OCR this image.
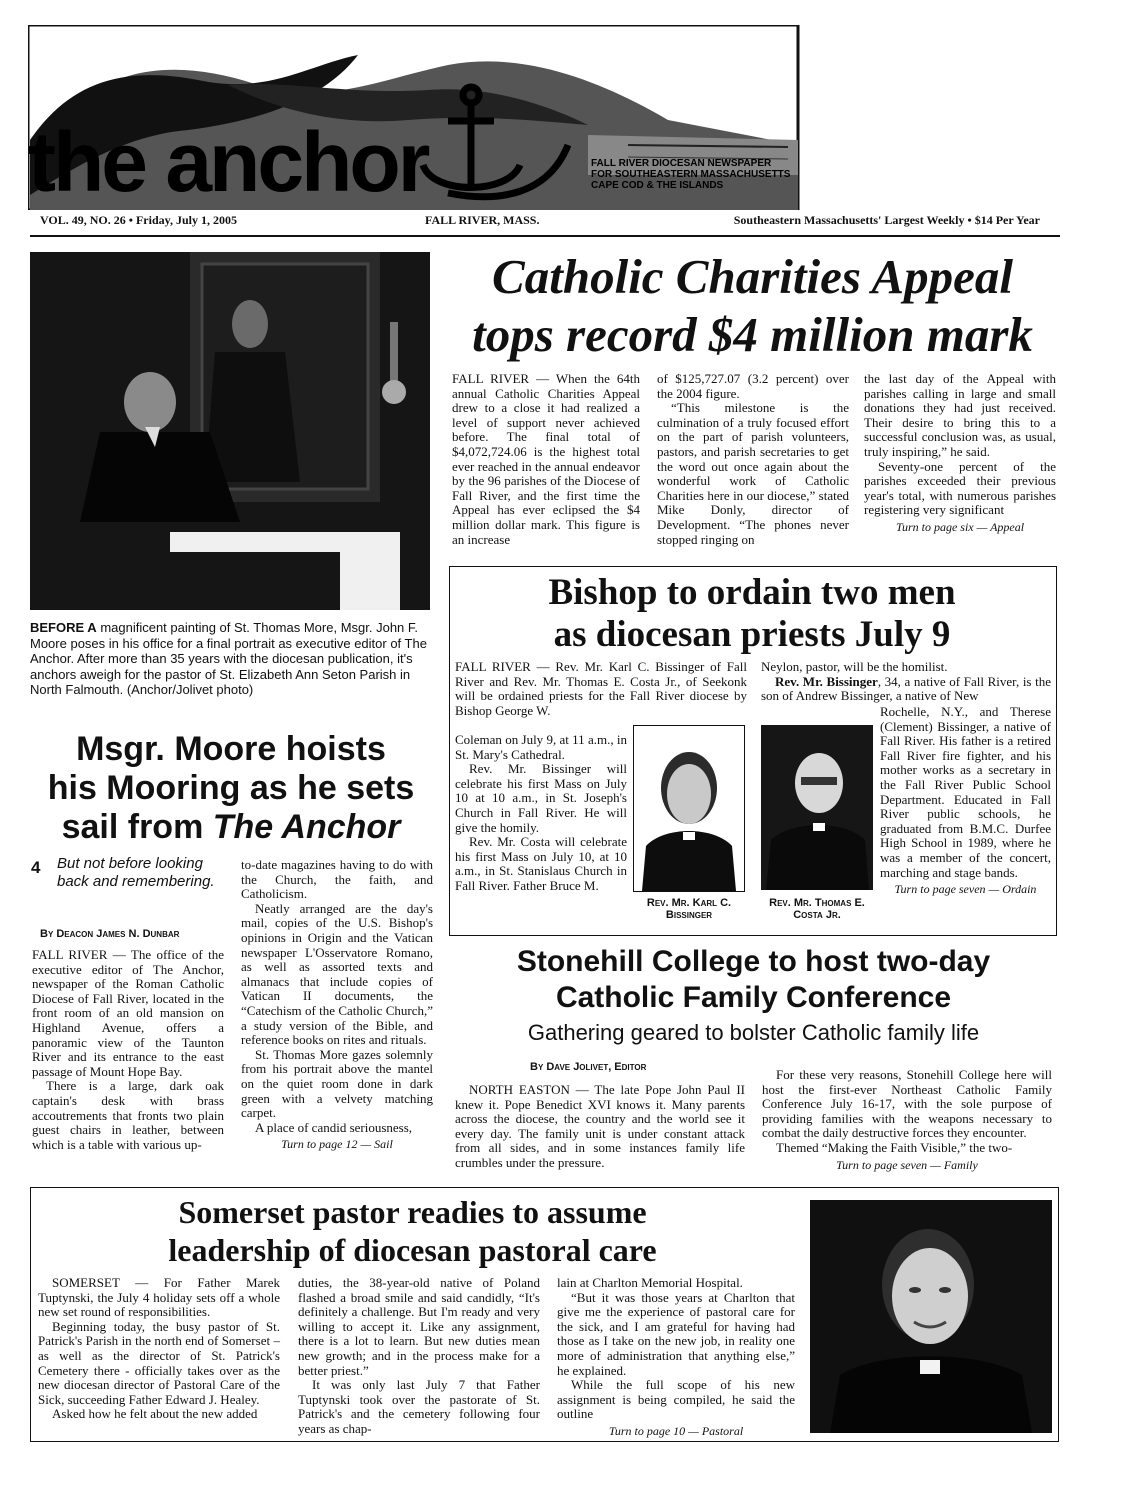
the anchor	FALL RIVER DIOCESAN NEWSPAPER
FOR SOUTHEASTERN MASSACHUSETTS
CAPE COD & THE ISLANDS
VOL. 49, NO. 26 • Friday, July 1, 2005	FALL RIVER, MASS.	Southeastern Massachusetts' Largest Weekly • $14 Per Year
BEFORE A magnificent painting of St. Thomas More, Msgr. John F. Moore poses in his office for a final portrait as executive editor of The Anchor. After more than 35 years with the diocesan publication, it's anchors aweigh for the pastor of St. Elizabeth Ann Seton Parish in North Falmouth. (Anchor/Jolivet photo)
Catholic Charities Appeal
tops record $4 million mark

FALL RIVER — When the 64th annual Catholic Charities Appeal drew to a close it had realized a level of support never achieved before. The final total of $4,072,724.06 is the highest total ever reached in the annual endeavor by the 96 parishes of the Diocese of Fall River, and the first time the Appeal has ever eclipsed the $4 million dollar mark. This figure is an increase

of $125,727.07 (3.2 percent) over the 2004 figure.

“This milestone is the culmination of a truly focused effort on the part of parish volunteers, pastors, and parish secretaries to get the word out once again about the wonderful work of Catholic Charities here in our diocese,” stated Mike Donly, director of Development. “The phones never stopped ringing on

the last day of the Appeal with parishes calling in large and small donations they had just received. Their desire to bring this to a successful conclusion was, as usual, truly inspiring,” he said.

Seventy-one percent of the parishes exceeded their previous year's total, with numerous parishes registering very significant

Turn to page six — Appeal
Msgr. Moore hoists
his Mooring as he sets
sail from The Anchor
4 But not before looking back and remembering.
By Deacon James N. Dunbar

FALL RIVER — The office of the executive editor of The Anchor, newspaper of the Roman Catholic Diocese of Fall River, located in the front room of an old mansion on Highland Avenue, offers a panoramic view of the Taunton River and its entrance to the east passage of Mount Hope Bay.

There is a large, dark oak captain's desk with brass accoutrements that fronts two plain guest chairs in leather, between which is a table with various up-

to-date magazines having to do with the Church, the faith, and Catholicism.

Neatly arranged are the day's mail, copies of the U.S. Bishop's opinions in Origin and the Vatican newspaper L'Osservatore Romano, as well as assorted texts and almanacs that include copies of Vatican II documents, the “Catechism of the Catholic Church,” a study version of the Bible, and reference books on rites and rituals.

St. Thomas More gazes solemnly from his portrait above the mantel on the quiet room done in dark green with a velvety matching carpet.

A place of candid seriousness,

Turn to page 12 — Sail
Bishop to ordain two men
as diocesan priests July 9
FALL RIVER — Rev. Mr. Karl C. Bissinger of Fall River and Rev. Mr. Thomas E. Costa Jr., of Seekonk will be ordained priests for the Fall River diocese by Bishop George W.

Coleman on July 9, at 11 a.m., in St. Mary's Cathedral.

Rev. Mr. Bissinger will celebrate his first Mass on July 10 at 10 a.m., in St. Joseph's Church in Fall River. He will give the homily.

Rev. Mr. Costa will celebrate his first Mass on July 10, at 10 a.m., in St. Stanislaus Church in Fall River. Father Bruce M.

Rev. Mr. Karl C. Bissinger
Rev. Mr. Thomas E. Costa Jr.

Neylon, pastor, will be the homilist.

Rev. Mr. Bissinger, 34, a native of Fall River, is the son of Andrew Bissinger, a native of New

Rochelle, N.Y., and Therese (Clement) Bissinger, a native of Fall River. His father is a retired Fall River fire fighter, and his mother works as a secretary in the Fall River Public School Department. Educated in Fall River public schools, he graduated from B.M.C. Durfee High School in 1989, where he was a member of the concert, marching and stage bands.

Turn to page seven — Ordain
Stonehill College to host two-day
Catholic Family Conference
Gathering geared to bolster Catholic family life
By Dave Jolivet, Editor

NORTH EASTON — The late Pope John Paul II knew it. Pope Benedict XVI knows it. Many parents across the diocese, the country and the world see it every day. The family unit is under constant attack from all sides, and in some instances family life crumbles under the pressure.

For these very reasons, Stonehill College here will host the first-ever Northeast Catholic Family Conference July 16-17, with the sole purpose of providing families with the weapons necessary to combat the daily destructive forces they encounter.

Themed “Making the Faith Visible,” the two-

Turn to page seven — Family
Somerset pastor readies to assume
leadership of diocesan pastoral care

SOMERSET — For Father Marek Tuptynski, the July 4 holiday sets off a whole new set round of responsibilities.

Beginning today, the busy pastor of St. Patrick's Parish in the north end of Somerset – as well as the director of St. Patrick's Cemetery there - officially takes over as the new diocesan director of Pastoral Care of the Sick, succeeding Father Edward J. Healey.

Asked how he felt about the new added

duties, the 38-year-old native of Poland flashed a broad smile and said candidly, “It's definitely a challenge. But I'm ready and very willing to accept it. Like any assignment, there is a lot to learn. But new duties mean new growth; and in the process make for a better priest.”

It was only last July 7 that Father Tuptynski took over the pastorate of St. Patrick's and the cemetery following four years as chap-

lain at Charlton Memorial Hospital.

“But it was those years at Charlton that give me the experience of pastoral care for the sick, and I am grateful for having had those as I take on the new job, in reality one more of administration that anything else,” he explained.

While the full scope of his new assignment is being compiled, he said the outline

Turn to page 10 — Pastoral
